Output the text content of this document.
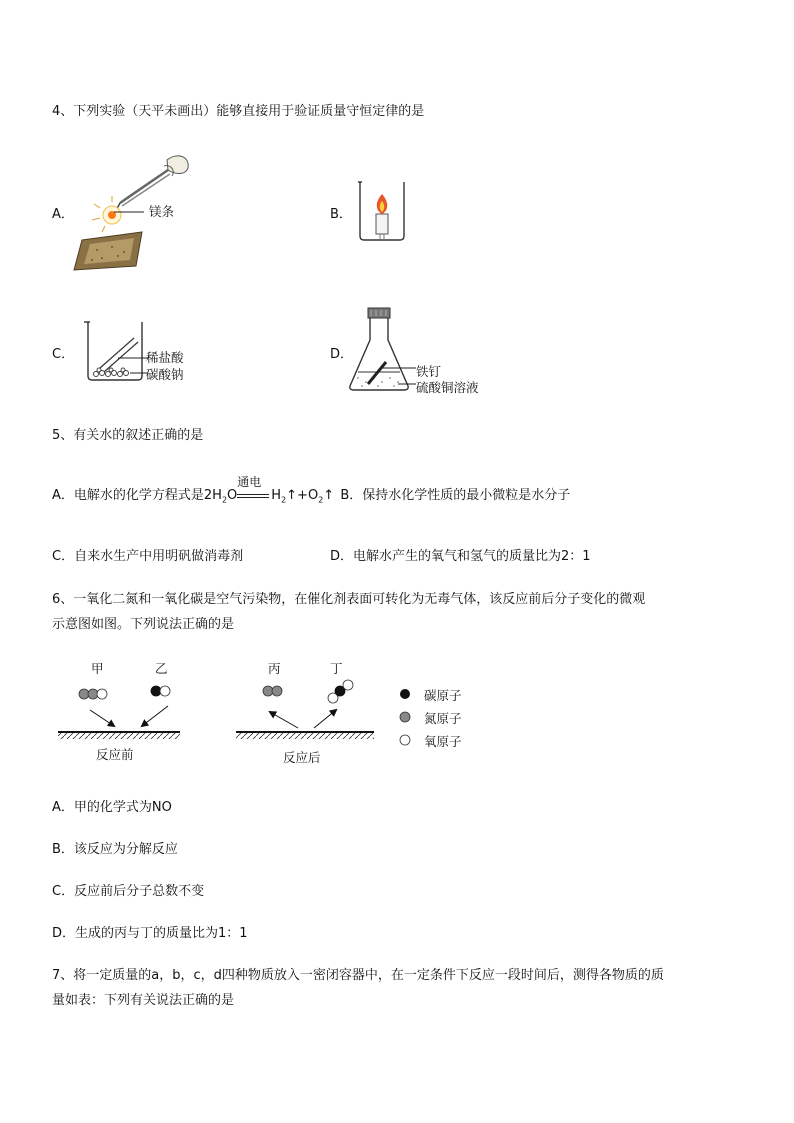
4、下列实验（天平未画出）能够直接用于验证质量守恒定律的是
A．	镁条	B．
C．	稀盐酸
碳酸钠
D．
铁钉
硫酸铜溶液
5、有关水的叙述正确的是
A．电解水的化学方程式是$2H_2O$
通电
$H_2↑+O_2↑$ B．保持水化学性质的最小微粒是水分子
C．自来水生产中用明矾做消毒剂	D．电解水产生的氧气和氢气的质量比为2：1
6、一氧化二氮和一氧化碳是空气污染物，在催化剂表面可转化为无毒气体，该反应前后分子变化的微观
示意图如图。下列说法正确的是
甲	乙	丙	丁
反应前	反应后
碳原子
氮原子
氧原子
A．甲的化学式为NO
B．该反应为分解反应
C．反应前后分子总数不变
D．生成的丙与丁的质量比为1：1
7、将一定质量的a，b，c，d四种物质放入一密闭容器中，在一定条件下反应一段时间后，测得各物质的质
量如表：下列有关说法正确的是
